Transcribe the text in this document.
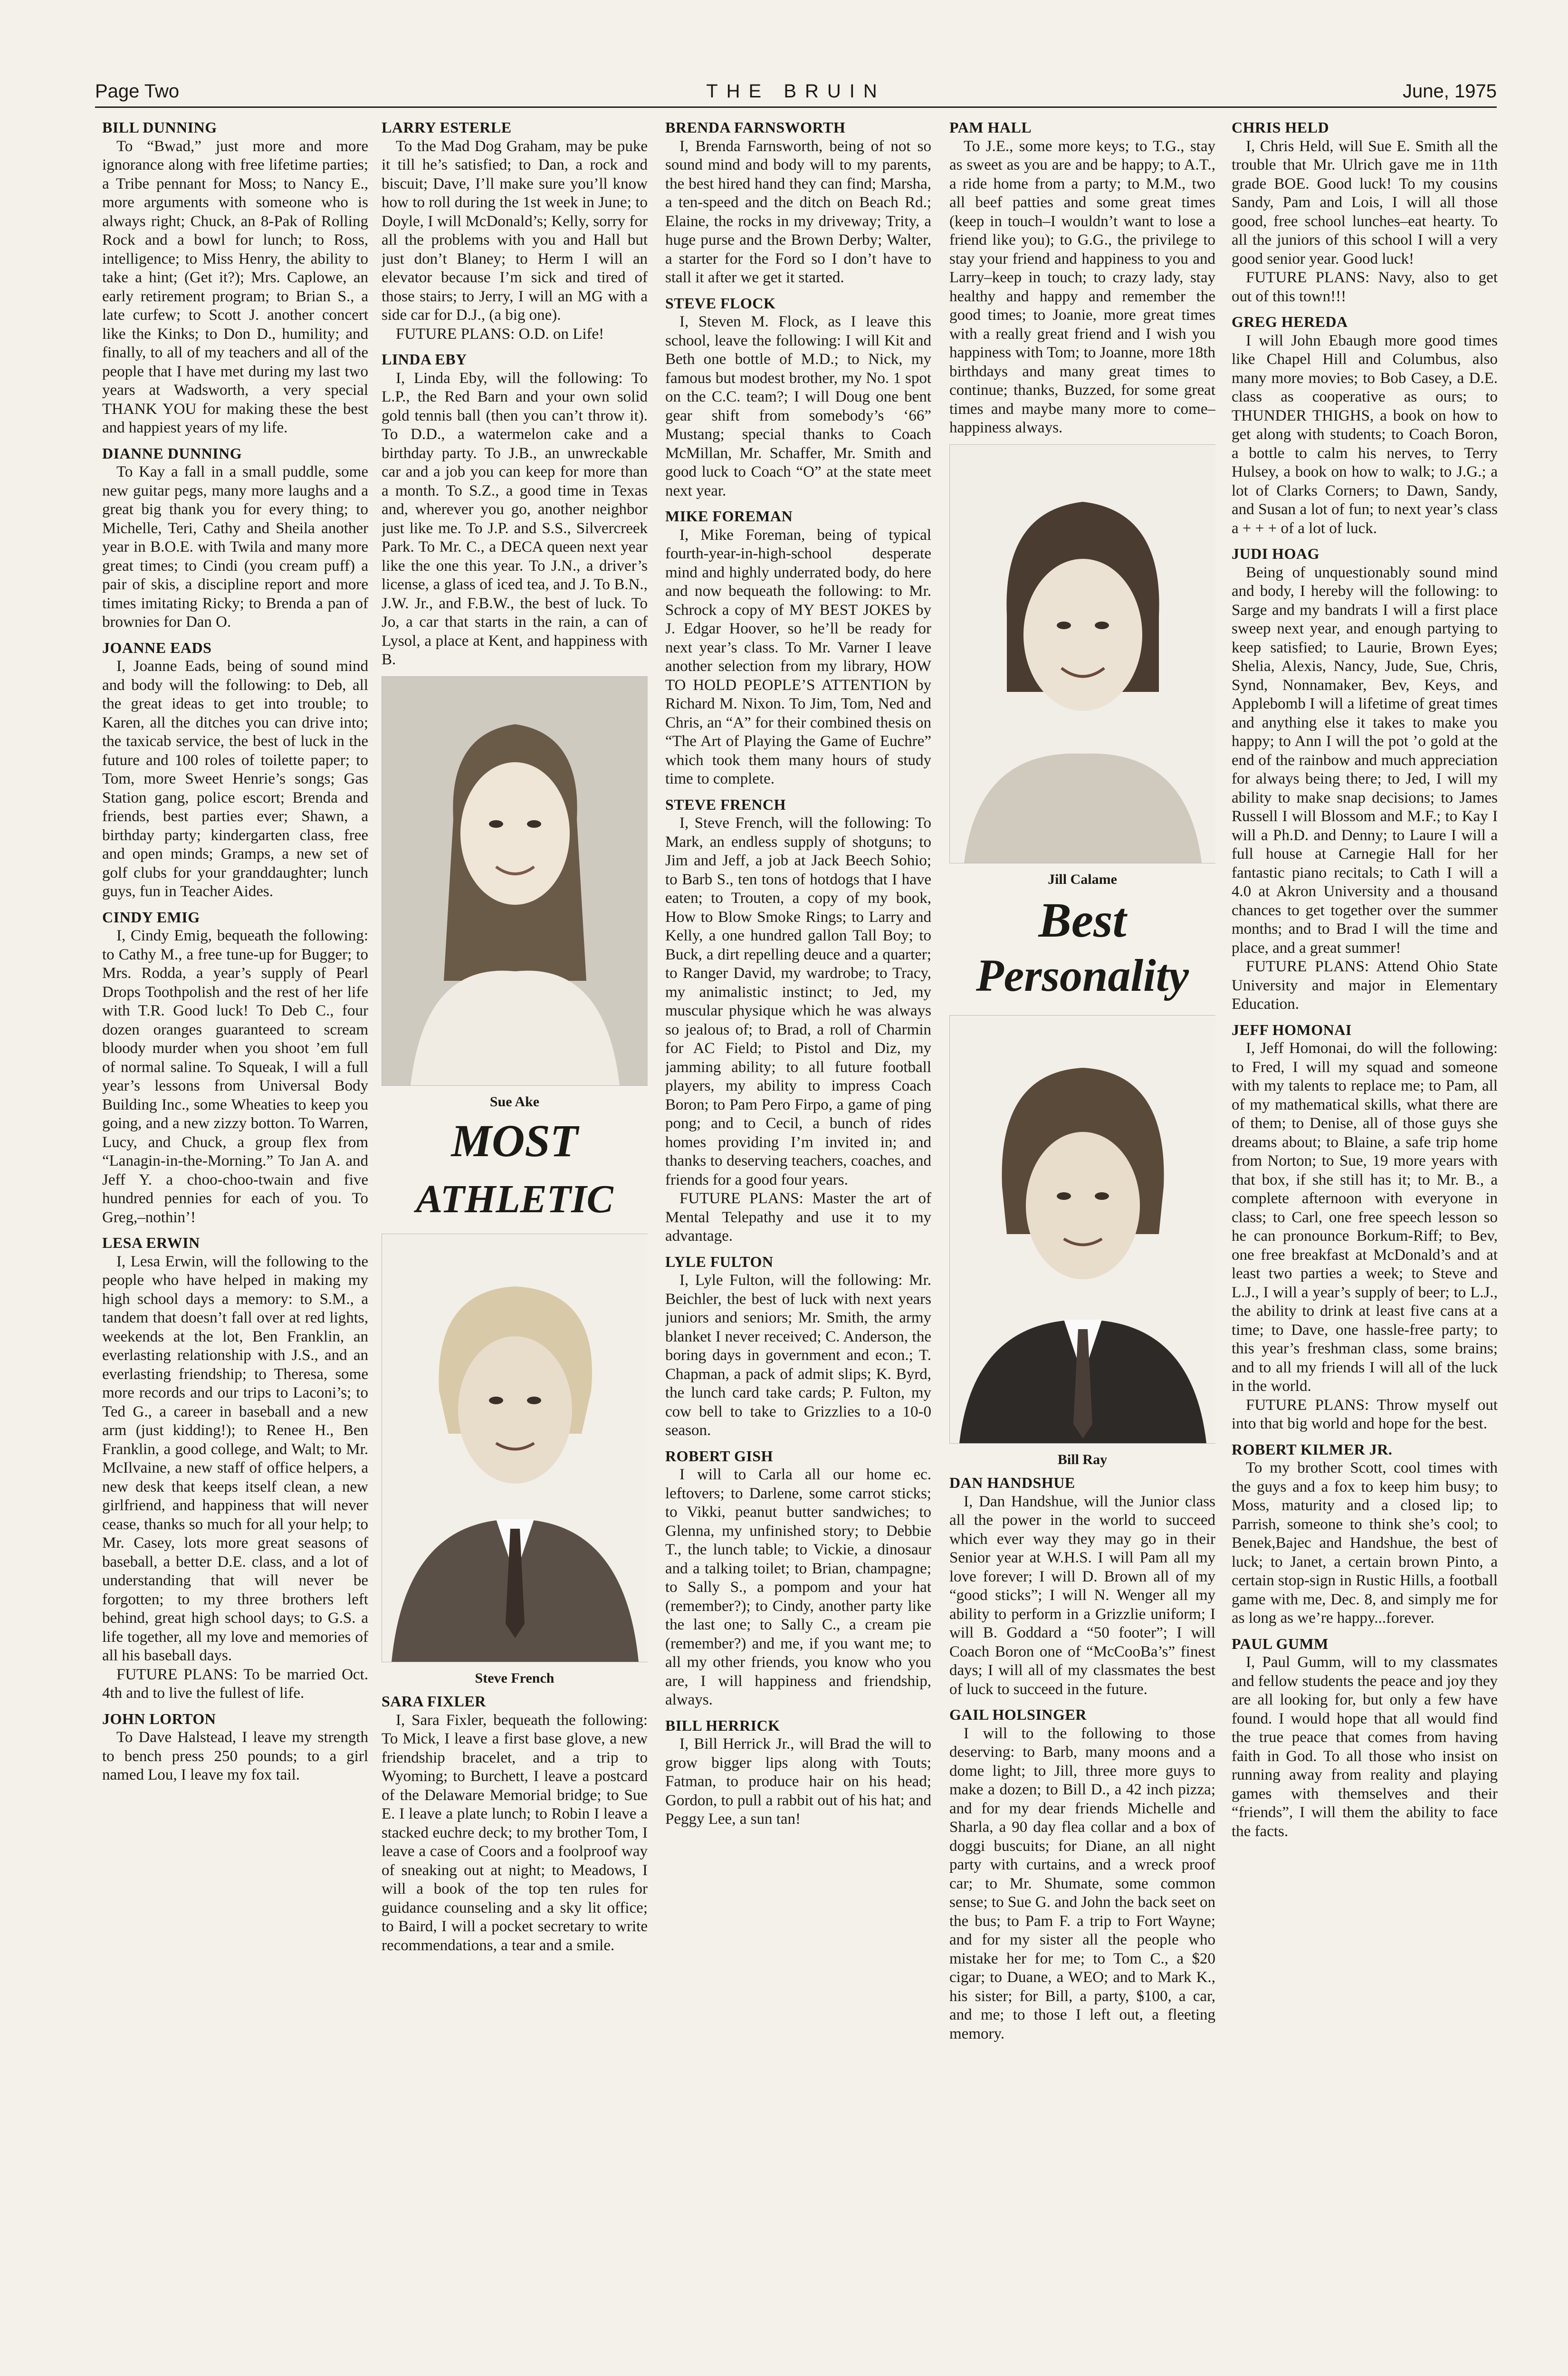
Page Two	THE BRUIN	June, 1975
BILL DUNNING
To “Bwad,” just more and more ignorance along with free lifetime parties; a Tribe pennant for Moss; to Nancy E., more arguments with someone who is always right; Chuck, an 8-Pak of Rolling Rock and a bowl for lunch; to Ross, intelligence; to Miss Henry, the ability to take a hint; (Get it?); Mrs. Caplowe, an early retirement program; to Brian S., a late curfew; to Scott J. another concert like the Kinks; to Don D., humility; and finally, to all of my teachers and all of the people that I have met during my last two years at Wadsworth, a very special THANK YOU for making these the best and happiest years of my life.
DIANNE DUNNING
To Kay a fall in a small puddle, some new guitar pegs, many more laughs and a great big thank you for every thing; to Michelle, Teri, Cathy and Sheila another year in B.O.E. with Twila and many more great times; to Cindi (you cream puff) a pair of skis, a discipline report and more times imitating Ricky; to Brenda a pan of brownies for Dan O.
JOANNE EADS
I, Joanne Eads, being of sound mind and body will the following: to Deb, all the great ideas to get into trouble; to Karen, all the ditches you can drive into; the taxicab service, the best of luck in the future and 100 roles of toilette paper; to Tom, more Sweet Henrie’s songs; Gas Station gang, police escort; Brenda and friends, best parties ever; Shawn, a birthday party; kindergarten class, free and open minds; Gramps, a new set of golf clubs for your granddaughter; lunch guys, fun in Teacher Aides.
CINDY EMIG
I, Cindy Emig, bequeath the following: to Cathy M., a free tune-up for Bugger; to Mrs. Rodda, a year’s supply of Pearl Drops Toothpolish and the rest of her life with T.R. Good luck! To Deb C., four dozen oranges guaranteed to scream bloody murder when you shoot ’em full of normal saline. To Squeak, I will a full year’s lessons from Universal Body Building Inc., some Wheaties to keep you going, and a new zizzy botton. To Warren, Lucy, and Chuck, a group flex from “Lanagin-in-the-Morning.” To Jan A. and Jeff Y. a choo-choo-twain and five hundred pennies for each of you. To Greg,–nothin’!
LESA ERWIN
I, Lesa Erwin, will the following to the people who have helped in making my high school days a memory: to S.M., a tandem that doesn’t fall over at red lights, weekends at the lot, Ben Franklin, an everlasting relationship with J.S., and an everlasting friendship; to Theresa, some more records and our trips to Laconi’s; to Ted G., a career in baseball and a new arm (just kidding!); to Renee H., Ben Franklin, a good college, and Walt; to Mr. McIlvaine, a new staff of office helpers, a new desk that keeps itself clean, a new girlfriend, and happiness that will never cease, thanks so much for all your help; to Mr. Casey, lots more great seasons of baseball, a better D.E. class, and a lot of understanding that will never be forgotten; to my three brothers left behind, great high school days; to G.S. a life together, all my love and memories of all his baseball days.
FUTURE PLANS: To be married Oct. 4th and to live the fullest of life.
JOHN LORTON
To Dave Halstead, I leave my strength to bench press 250 pounds; to a girl named Lou, I leave my fox tail.
LARRY ESTERLE
To the Mad Dog Graham, may be puke it till he’s satisfied; to Dan, a rock and biscuit; Dave, I’ll make sure you’ll know how to roll during the 1st week in June; to Doyle, I will McDonald’s; Kelly, sorry for all the problems with you and Hall but just don’t Blaney; to Herm I will an elevator because I’m sick and tired of those stairs; to Jerry, I will an MG with a side car for D.J., (a big one).
FUTURE PLANS: O.D. on Life!
LINDA EBY
I, Linda Eby, will the following: To L.P., the Red Barn and your own solid gold tennis ball (then you can’t throw it). To D.D., a watermelon cake and a birthday party. To J.B., an unwreckable car and a job you can keep for more than a month. To S.Z., a good time in Texas and, wherever you go, another neighbor just like me. To J.P. and S.S., Silvercreek Park. To Mr. C., a DECA queen next year like the one this year. To J.N., a driver’s license, a glass of iced tea, and J. To B.N., J.W. Jr., and F.B.W., the best of luck. To Jo, a car that starts in the rain, a can of Lysol, a place at Kent, and happiness with B.
Sue Ake
MOST
ATHLETIC
Steve French
SARA FIXLER
I, Sara Fixler, bequeath the following: To Mick, I leave a first base glove, a new friendship bracelet, and a trip to Wyoming; to Burchett, I leave a postcard of the Delaware Memorial bridge; to Sue E. I leave a plate lunch; to Robin I leave a stacked euchre deck; to my brother Tom, I leave a case of Coors and a foolproof way of sneaking out at night; to Meadows, I will a book of the top ten rules for guidance counseling and a sky lit office; to Baird, I will a pocket secretary to write recommendations, a tear and a smile.
BRENDA FARNSWORTH
I, Brenda Farnsworth, being of not so sound mind and body will to my parents, the best hired hand they can find; Marsha, a ten-speed and the ditch on Beach Rd.; Elaine, the rocks in my driveway; Trity, a huge purse and the Brown Derby; Walter, a starter for the Ford so I don’t have to stall it after we get it started.
STEVE FLOCK
I, Steven M. Flock, as I leave this school, leave the following: I will Kit and Beth one bottle of M.D.; to Nick, my famous but modest brother, my No. 1 spot on the C.C. team?; I will Doug one bent gear shift from somebody’s ‘66” Mustang; special thanks to Coach McMillan, Mr. Schaffer, Mr. Smith and good luck to Coach “O” at the state meet next year.
MIKE FOREMAN
I, Mike Foreman, being of typical fourth-year-in-high-school desperate mind and highly underrated body, do here and now bequeath the following: to Mr. Schrock a copy of MY BEST JOKES by J. Edgar Hoover, so he’ll be ready for next year’s class. To Mr. Varner I leave another selection from my library, HOW TO HOLD PEOPLE’S ATTENTION by Richard M. Nixon. To Jim, Tom, Ned and Chris, an “A” for their combined thesis on “The Art of Playing the Game of Euchre” which took them many hours of study time to complete.
STEVE FRENCH
I, Steve French, will the following: To Mark, an endless supply of shotguns; to Jim and Jeff, a job at Jack Beech Sohio; to Barb S., ten tons of hotdogs that I have eaten; to Trouten, a copy of my book, How to Blow Smoke Rings; to Larry and Kelly, a one hundred gallon Tall Boy; to Buck, a dirt repelling deuce and a quarter; to Ranger David, my wardrobe; to Tracy, my animalistic instinct; to Jed, my muscular physique which he was always so jealous of; to Brad, a roll of Charmin for AC Field; to Pistol and Diz, my jamming ability; to all future football players, my ability to impress Coach Boron; to Pam Pero Firpo, a game of ping pong; and to Cecil, a bunch of rides homes providing I’m invited in; and thanks to deserving teachers, coaches, and friends for a good four years.
FUTURE PLANS: Master the art of Mental Telepathy and use it to my advantage.
LYLE FULTON
I, Lyle Fulton, will the following: Mr. Beichler, the best of luck with next years juniors and seniors; Mr. Smith, the army blanket I never received; C. Anderson, the boring days in government and econ.; T. Chapman, a pack of admit slips; K. Byrd, the lunch card take cards; P. Fulton, my cow bell to take to Grizzlies to a 10-0 season.
ROBERT GISH
I will to Carla all our home ec. leftovers; to Darlene, some carrot sticks; to Vikki, peanut butter sandwiches; to Glenna, my unfinished story; to Debbie T., the lunch table; to Vickie, a dinosaur and a talking toilet; to Brian, champagne; to Sally S., a pompom and your hat (remember?); to Cindy, another party like the last one; to Sally C., a cream pie (remember?) and me, if you want me; to all my other friends, you know who you are, I will happiness and friendship, always.
BILL HERRICK
I, Bill Herrick Jr., will Brad the will to grow bigger lips along with Touts; Fatman, to produce hair on his head; Gordon, to pull a rabbit out of his hat; and Peggy Lee, a sun tan!
PAM HALL
To J.E., some more keys; to T.G., stay as sweet as you are and be happy; to A.T., a ride home from a party; to M.M., two all beef patties and some great times (keep in touch–I wouldn’t want to lose a friend like you); to G.G., the privilege to stay your friend and happiness to you and Larry–keep in touch; to crazy lady, stay healthy and happy and remember the good times; to Joanie, more great times with a really great friend and I wish you happiness with Tom; to Joanne, more 18th birthdays and many great times to continue; thanks, Buzzed, for some great times and maybe many more to come–happiness always.
Jill Calame
Best
Personality
Bill Ray
DAN HANDSHUE
I, Dan Handshue, will the Junior class all the power in the world to succeed which ever way they may go in their Senior year at W.H.S. I will Pam all my love forever; I will D. Brown all of my “good sticks”; I will N. Wenger all my ability to perform in a Grizzlie uniform; I will B. Goddard a “50 footer”; I will Coach Boron one of “McCooBa’s” finest days; I will all of my classmates the best of luck to succeed in the future.
GAIL HOLSINGER
I will to the following to those deserving: to Barb, many moons and a dome light; to Jill, three more guys to make a dozen; to Bill D., a 42 inch pizza; and for my dear friends Michelle and Sharla, a 90 day flea collar and a box of doggi buscuits; for Diane, an all night party with curtains, and a wreck proof car; to Mr. Shumate, some common sense; to Sue G. and John the back seet on the bus; to Pam F. a trip to Fort Wayne; and for my sister all the people who mistake her for me; to Tom C., a $20 cigar; to Duane, a WEO; and to Mark K., his sister; for Bill, a party, $100, a car, and me; to those I left out, a fleeting memory.
CHRIS HELD
I, Chris Held, will Sue E. Smith all the trouble that Mr. Ulrich gave me in 11th grade BOE. Good luck! To my cousins Sandy, Pam and Lois, I will all those good, free school lunches–eat hearty. To all the juniors of this school I will a very good senior year. Good luck!
FUTURE PLANS: Navy, also to get out of this town!!!
GREG HEREDA
I will John Ebaugh more good times like Chapel Hill and Columbus, also many more movies; to Bob Casey, a D.E. class as cooperative as ours; to THUNDER THIGHS, a book on how to get along with students; to Coach Boron, a bottle to calm his nerves, to Terry Hulsey, a book on how to walk; to J.G.; a lot of Clarks Corners; to Dawn, Sandy, and Susan a lot of fun; to next year’s class a + + + of a lot of luck.
JUDI HOAG
Being of unquestionably sound mind and body, I hereby will the following: to Sarge and my bandrats I will a first place sweep next year, and enough partying to keep satisfied; to Laurie, Brown Eyes; Shelia, Alexis, Nancy, Jude, Sue, Chris, Synd, Nonnamaker, Bev, Keys, and Applebomb I will a lifetime of great times and anything else it takes to make you happy; to Ann I will the pot ’o gold at the end of the rainbow and much appreciation for always being there; to Jed, I will my ability to make snap decisions; to James Russell I will Blossom and M.F.; to Kay I will a Ph.D. and Denny; to Laure I will a full house at Carnegie Hall for her fantastic piano recitals; to Cath I will a 4.0 at Akron University and a thousand chances to get together over the summer months; and to Brad I will the time and place, and a great summer!
FUTURE PLANS: Attend Ohio State University and major in Elementary Education.
JEFF HOMONAI
I, Jeff Homonai, do will the following: to Fred, I will my squad and someone with my talents to replace me; to Pam, all of my mathematical skills, what there are of them; to Denise, all of those guys she dreams about; to Blaine, a safe trip home from Norton; to Sue, 19 more years with that box, if she still has it; to Mr. B., a complete afternoon with everyone in class; to Carl, one free speech lesson so he can pronounce Borkum-Riff; to Bev, one free breakfast at McDonald’s and at least two parties a week; to Steve and L.J., I will a year’s supply of beer; to L.J., the ability to drink at least five cans at a time; to Dave, one hassle-free party; to this year’s freshman class, some brains; and to all my friends I will all of the luck in the world.
FUTURE PLANS: Throw myself out into that big world and hope for the best.
ROBERT KILMER JR.
To my brother Scott, cool times with the guys and a fox to keep him busy; to Moss, maturity and a closed lip; to Parrish, someone to think she’s cool; to Benek,Bajec and Handshue, the best of luck; to Janet, a certain brown Pinto, a certain stop-sign in Rustic Hills, a football game with me, Dec. 8, and simply me for as long as we’re happy...forever.
PAUL GUMM
I, Paul Gumm, will to my classmates and fellow students the peace and joy they are all looking for, but only a few have found. I would hope that all would find the true peace that comes from having faith in God. To all those who insist on running away from reality and playing games with themselves and their “friends”, I will them the ability to face the facts.
